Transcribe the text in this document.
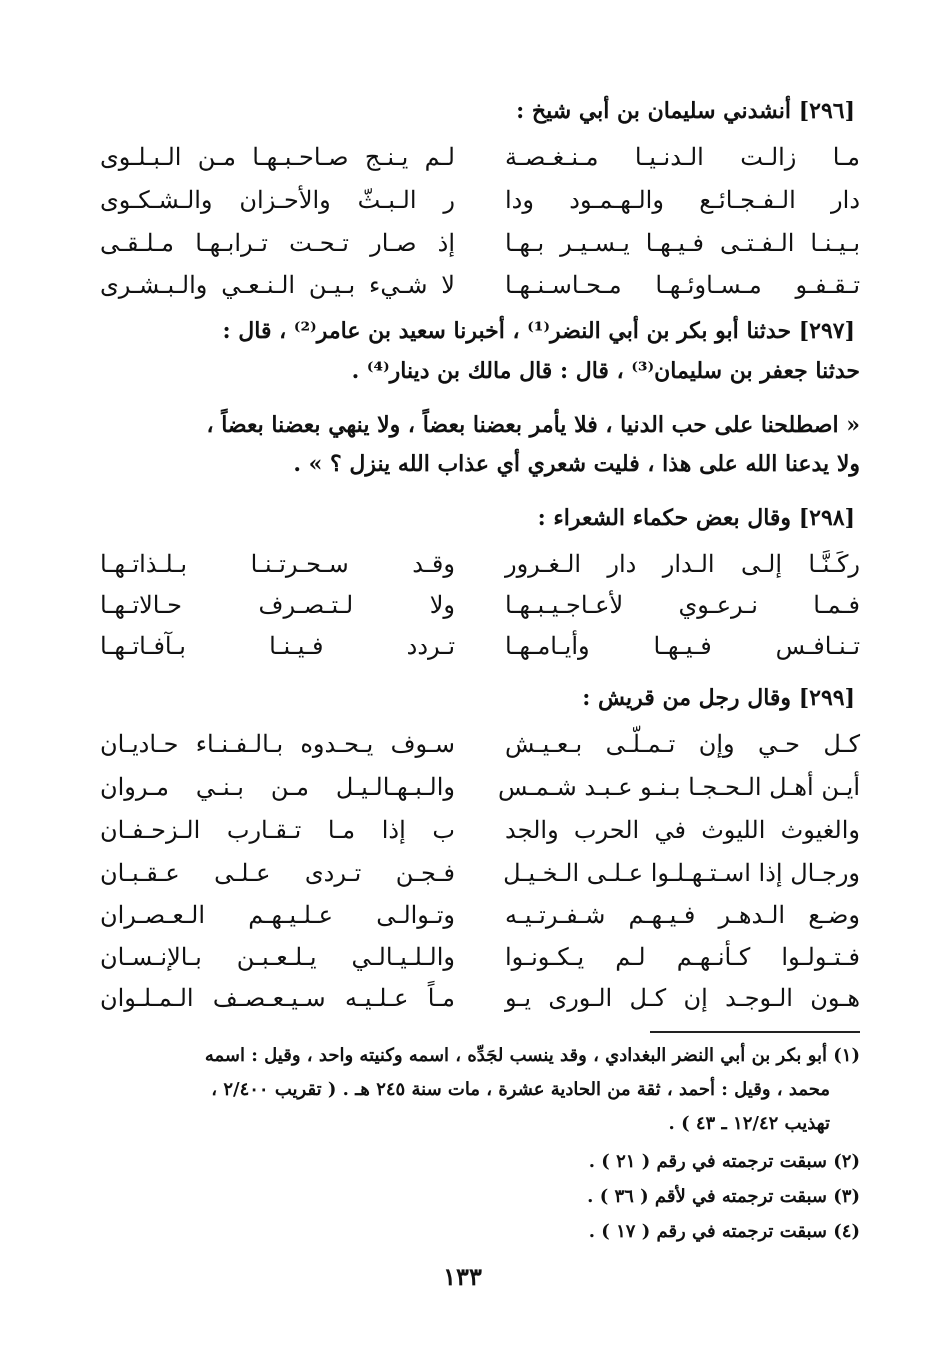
[٢٩٦] أنشدني سليمان بن أبي شيخ :
مـا زالـت الـدنـيـا مـنـغـصـة
لـم يـنـج صـاحـبـهـا مـن الـبـلـوى
دار الـفـجـائـع والـهـمـود ودا
ر الـبـثّ والأحـزان والـشـكـوى
بـيـنـا الـفـتـى فـيـهـا يـسـيـر بـهـا
إذ صـار تـحـت تـرابـهـا مـلـقـى
تـقـفـو مـسـاوئـهـا مـحـاسـنـهـا
لا شـيء بـيـن الـنـعـي والـبـشـرى
[٢٩٧] حدثنا أبو بكر بن أبي النضر⁽¹⁾ ، أخبرنا سعيد بن عامر⁽²⁾ ، قال :
حدثنا جعفر بن سليمان⁽³⁾ ، قال : قال مالك بن دينار⁽⁴⁾ .
« اصطلحنا على حب الدنيا ، فلا يأمر بعضنا بعضاً ، ولا ينهي بعضنا بعضاً ،
ولا يدعنا الله على هذا ، فليت شعري أي عذاب الله ينزل ؟ » .
[٢٩٨] وقال بعض حكماء الشعراء :
ركَـنَّـا إلـى الـدار دار الـغـرور
وقـد سـحـرتـنـا بـلـذاتـهـا
فـمـا نـرعـوي لأعـاجـيـبـهـا
ولا لـتـصـرف حـالاتـهـا
تـنـافـس فـيـهـا وأيـامـهـا
تـردد فـيـنـا بـآفـاتـهـا
[٢٩٩] وقال رجل من قريش :
كـل حـي وإن تـمـلّـى بـعـيـش
سـوف يـحـدوه بـالـفـنـاء حـاديـان
أيـن أهـل الـحـجـا بـنـو عـبـد شـمـس
والـبـهـالـيـل مـن بـنـي مـروان
والغيوث الليوث في الحرب والجد
ب إذا مـا تـقـارب الـزحـفـان
ورجـال إذا اسـتـهـلـوا عـلـى الـخـيـل
فـجـن تـردى عـلـى عـقـبـان
وضـع الـدهـر فـيـهـم شـفـرتـيـه
وتـوالـى عـلـيـهـم الـعـصـران
فـتـولـوا كـأنـهـم لـم يـكـونـوا
والـلـيـالـي يـلـعـبـن بـالإنـسـان
هـون الـوجـد إن كـل الـورى يـو
مـاً عـلـيـه سـيـعـصـف الـمـلـوان
(١) أبو بكر بن أبي النضر البغدادي ، وقد ينسب لجَدِّه ، اسمه وكنيته واحد ، وقيل : اسمه
محمد ، وقيل : أحمد ، ثقة من الحادية عشرة ، مات سنة ٢٤٥ هـ . ( تقريب ٢/٤٠٠ ،
تهذيب ١٢/٤٢ ـ ٤٣ ) .
(٢) سبقت ترجمته في رقم ( ٢١ ) .
(٣) سبقت ترجمته في لأقم ( ٣٦ ) .
(٤) سبقت ترجمته في رقم ( ١٧ ) .
١٣٣
